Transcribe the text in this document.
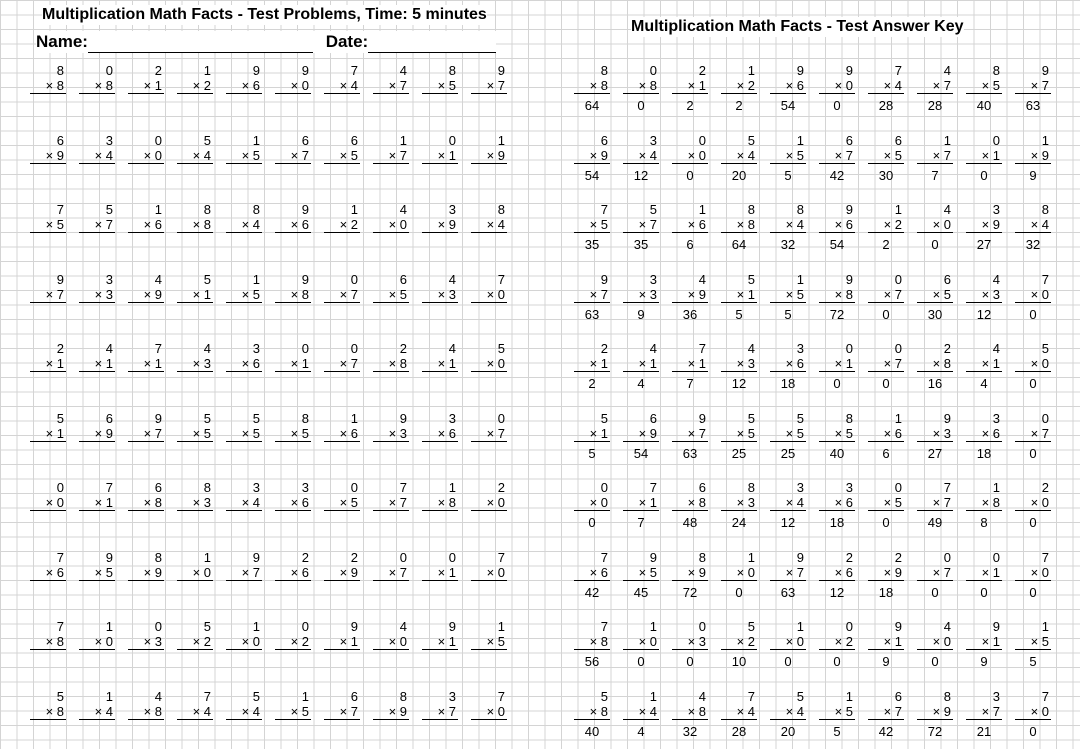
Multiplication Math Facts - Test Problems, Time: 5 minutes
Name:	Date:
8
× 8
0
× 8
2
× 1
1
× 2
9
× 6
9
× 0
7
× 4
4
× 7
8
× 5
9
× 7
6
× 9
3
× 4
0
× 0
5
× 4
1
× 5
6
× 7
6
× 5
1
× 7
0
× 1
1
× 9
7
× 5
5
× 7
1
× 6
8
× 8
8
× 4
9
× 6
1
× 2
4
× 0
3
× 9
8
× 4
9
× 7
3
× 3
4
× 9
5
× 1
1
× 5
9
× 8
0
× 7
6
× 5
4
× 3
7
× 0
2
× 1
4
× 1
7
× 1
4
× 3
3
× 6
0
× 1
0
× 7
2
× 8
4
× 1
5
× 0
5
× 1
6
× 9
9
× 7
5
× 5
5
× 5
8
× 5
1
× 6
9
× 3
3
× 6
0
× 7
0
× 0
7
× 1
6
× 8
8
× 3
3
× 4
3
× 6
0
× 5
7
× 7
1
× 8
2
× 0
7
× 6
9
× 5
8
× 9
1
× 0
9
× 7
2
× 6
2
× 9
0
× 7
0
× 1
7
× 0
7
× 8
1
× 0
0
× 3
5
× 2
1
× 0
0
× 2
9
× 1
4
× 0
9
× 1
1
× 5
5
× 8
1
× 4
4
× 8
7
× 4
5
× 4
1
× 5
6
× 7
8
× 9
3
× 7
7
× 0
Multiplication Math Facts - Test Answer Key
8
× 8
64
0
× 8
0
2
× 1
2
1
× 2
2
9
× 6
54
9
× 0
0
7
× 4
28
4
× 7
28
8
× 5
40
9
× 7
63
6
× 9
54
3
× 4
12
0
× 0
0
5
× 4
20
1
× 5
5
6
× 7
42
6
× 5
30
1
× 7
7
0
× 1
0
1
× 9
9
7
× 5
35
5
× 7
35
1
× 6
6
8
× 8
64
8
× 4
32
9
× 6
54
1
× 2
2
4
× 0
0
3
× 9
27
8
× 4
32
9
× 7
63
3
× 3
9
4
× 9
36
5
× 1
5
1
× 5
5
9
× 8
72
0
× 7
0
6
× 5
30
4
× 3
12
7
× 0
0
2
× 1
2
4
× 1
4
7
× 1
7
4
× 3
12
3
× 6
18
0
× 1
0
0
× 7
0
2
× 8
16
4
× 1
4
5
× 0
0
5
× 1
5
6
× 9
54
9
× 7
63
5
× 5
25
5
× 5
25
8
× 5
40
1
× 6
6
9
× 3
27
3
× 6
18
0
× 7
0
0
× 0
0
7
× 1
7
6
× 8
48
8
× 3
24
3
× 4
12
3
× 6
18
0
× 5
0
7
× 7
49
1
× 8
8
2
× 0
0
7
× 6
42
9
× 5
45
8
× 9
72
1
× 0
0
9
× 7
63
2
× 6
12
2
× 9
18
0
× 7
0
0
× 1
0
7
× 0
0
7
× 8
56
1
× 0
0
0
× 3
0
5
× 2
10
1
× 0
0
0
× 2
0
9
× 1
9
4
× 0
0
9
× 1
9
1
× 5
5
5
× 8
40
1
× 4
4
4
× 8
32
7
× 4
28
5
× 4
20
1
× 5
5
6
× 7
42
8
× 9
72
3
× 7
21
7
× 0
0
